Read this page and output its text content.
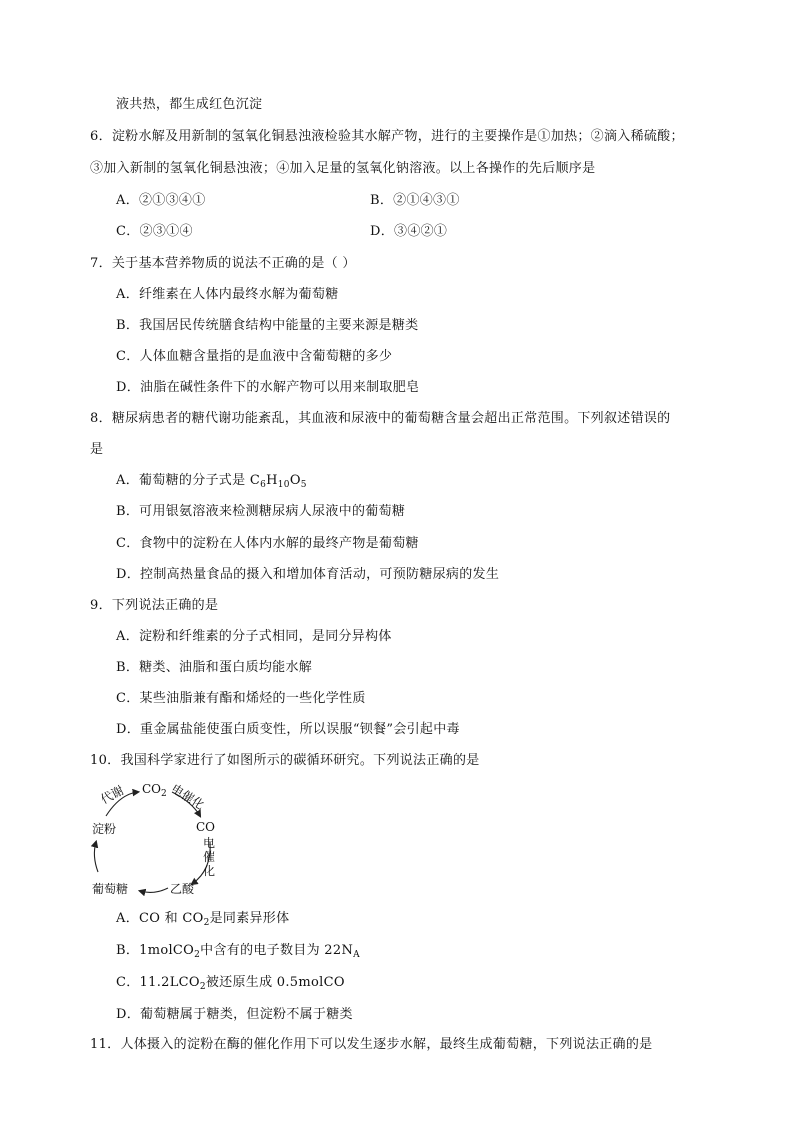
液共热，都生成红色沉淀
6．淀粉水解及用新制的氢氧化铜悬浊液检验其水解产物，进行的主要操作是①加热；②滴入稀硫酸；
③加入新制的氢氧化铜悬浊液；④加入足量的氢氧化钠溶液。以上各操作的先后顺序是
A．②①③④①	B．②①④③①
C．②③①④	D．③④②①
7．关于基本营养物质的说法不正确的是（ ）
A．纤维素在人体内最终水解为葡萄糖
B．我国居民传统膳食结构中能量的主要来源是糖类
C．人体血糖含量指的是血液中含葡萄糖的多少
D．油脂在碱性条件下的水解产物可以用来制取肥皂
8．糖尿病患者的糖代谢功能紊乱，其血液和尿液中的葡萄糖含量会超出正常范围。下列叙述错误的
是
A．葡萄糖的分子式是 $C_6H_{10}O_5$
B．可用银氨溶液来检测糖尿病人尿液中的葡萄糖
C．食物中的淀粉在人体内水解的最终产物是葡萄糖
D．控制高热量食品的摄入和增加体育活动，可预防糖尿病的发生
9．下列说法正确的是
A．淀粉和纤维素的分子式相同，是同分异构体
B．糖类、油脂和蛋白质均能水解
C．某些油脂兼有酯和烯烃的一些化学性质
D．重金属盐能使蛋白质变性，所以误服“钡餐”会引起中毒
10．我国科学家进行了如图所示的碳循环研究。下列说法正确的是
代谢 $CO_2$ 电催化
CO
电催化
乙酸
葡萄糖
淀粉
A．CO 和 $CO_2$是同素异形体
B．1molCO$_2$中含有的电子数目为 $22N_A$
C．$11.2LCO_2$被还原生成 0.5molCO
D．葡萄糖属于糖类，但淀粉不属于糖类
11．人体摄入的淀粉在酶的催化作用下可以发生逐步水解，最终生成葡萄糖，下列说法正确的是
